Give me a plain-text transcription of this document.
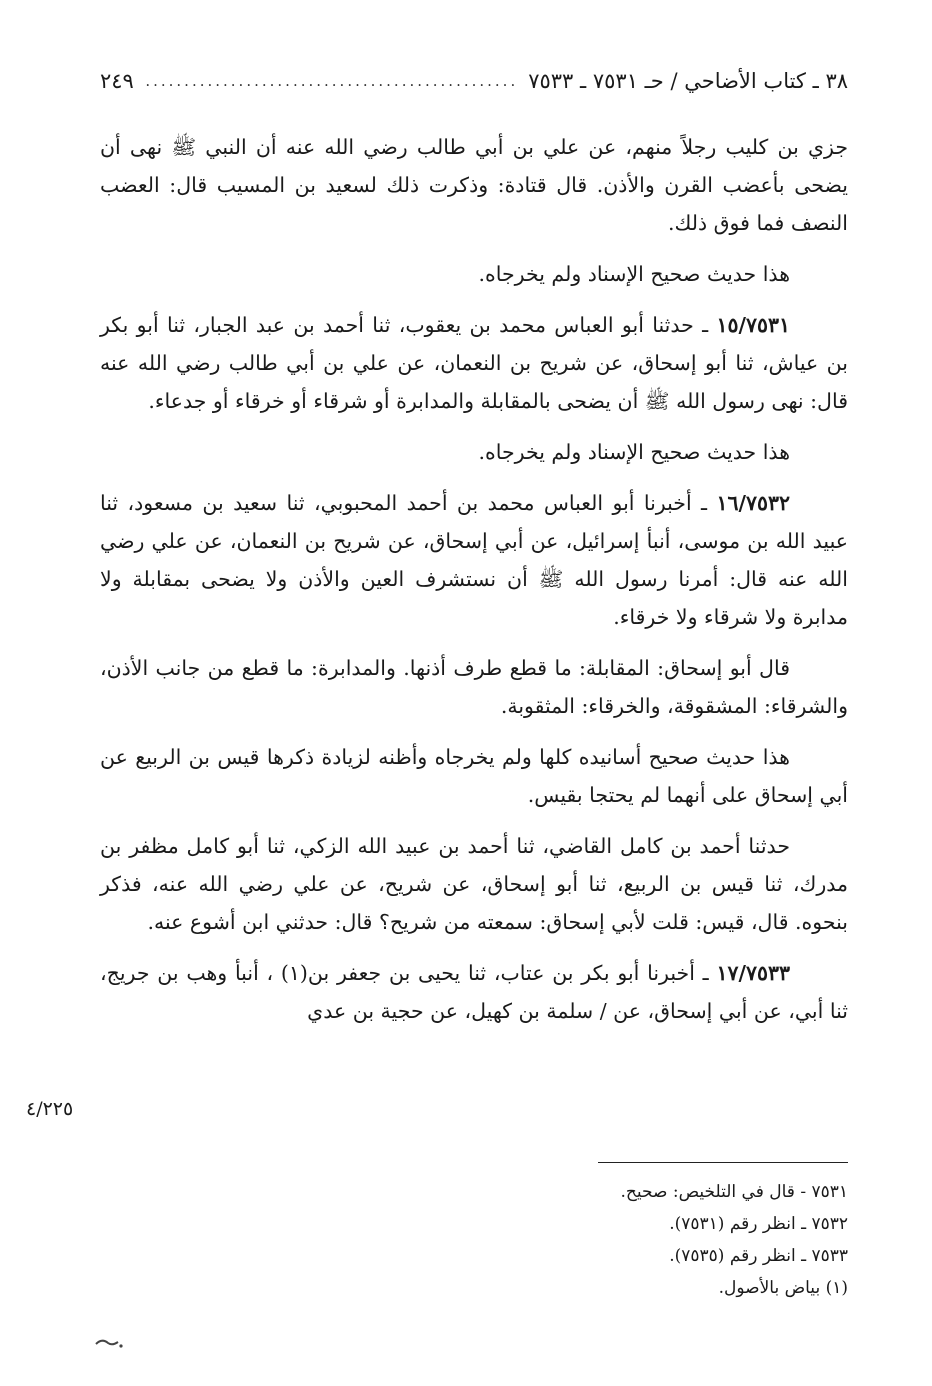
٣٨ ـ كتاب الأضاحي / حـ ٧٥٣١ ـ ٧٥٣٣
.....
٢٤٩

جزي بن كليب رجلاً منهم، عن علي بن أبي طالب رضي الله عنه أن النبي ﷺ نهى أن يضحى بأعضب القرن والأذن. قال قتادة: وذكرت ذلك لسعيد بن المسيب قال: العضب النصف فما فوق ذلك.

هذا حديث صحيح الإسناد ولم يخرجاه.

١٥/٧٥٣١ ـ حدثنا أبو العباس محمد بن يعقوب، ثنا أحمد بن عبد الجبار، ثنا أبو بكر بن عياش، ثنا أبو إسحاق، عن شريح بن النعمان، عن علي بن أبي طالب رضي الله عنه قال: نهى رسول الله ﷺ أن يضحى بالمقابلة والمدابرة أو شرقاء أو خرقاء أو جدعاء.

هذا حديث صحيح الإسناد ولم يخرجاه.

١٦/٧٥٣٢ ـ أخبرنا أبو العباس محمد بن أحمد المحبوبي، ثنا سعيد بن مسعود، ثنا عبيد الله بن موسى، أنبأ إسرائيل، عن أبي إسحاق، عن شريح بن النعمان، عن علي رضي الله عنه قال: أمرنا رسول الله ﷺ أن نستشرف العين والأذن ولا يضحى بمقابلة ولا مدابرة ولا شرقاء ولا خرقاء.

قال أبو إسحاق: المقابلة: ما قطع طرف أذنها. والمدابرة: ما قطع من جانب الأذن، والشرقاء: المشقوقة، والخرقاء: المثقوبة.

هذا حديث صحيح أسانيده كلها ولم يخرجاه وأظنه لزيادة ذكرها قيس بن الربيع عن أبي إسحاق على أنهما لم يحتجا بقيس.

حدثنا أحمد بن كامل القاضي، ثنا أحمد بن عبيد الله الزكي، ثنا أبو كامل مظفر بن مدرك، ثنا قيس بن الربيع، ثنا أبو إسحاق، عن شريح، عن علي رضي الله عنه، فذكر بنحوه. قال، قيس: قلت لأبي إسحاق: سمعته من شريح؟ قال: حدثني ابن أشوع عنه.

١٧/٧٥٣٣ ـ أخبرنا أبو بكر بن عتاب، ثنا يحيى بن جعفر بن(١) ، أنبأ وهب بن جريج، ثنا أبي، عن أبي إسحاق، عن / سلمة بن كهيل، عن حجية بن عدي

٤/٢٢٥

٧٥٣١ - قال في التلخيص: صحيح.

٧٥٣٢ ـ انظر رقم (٧٥٣١).

٧٥٣٣ ـ انظر رقم (٧٥٣٥).

(١) بياض بالأصول.
